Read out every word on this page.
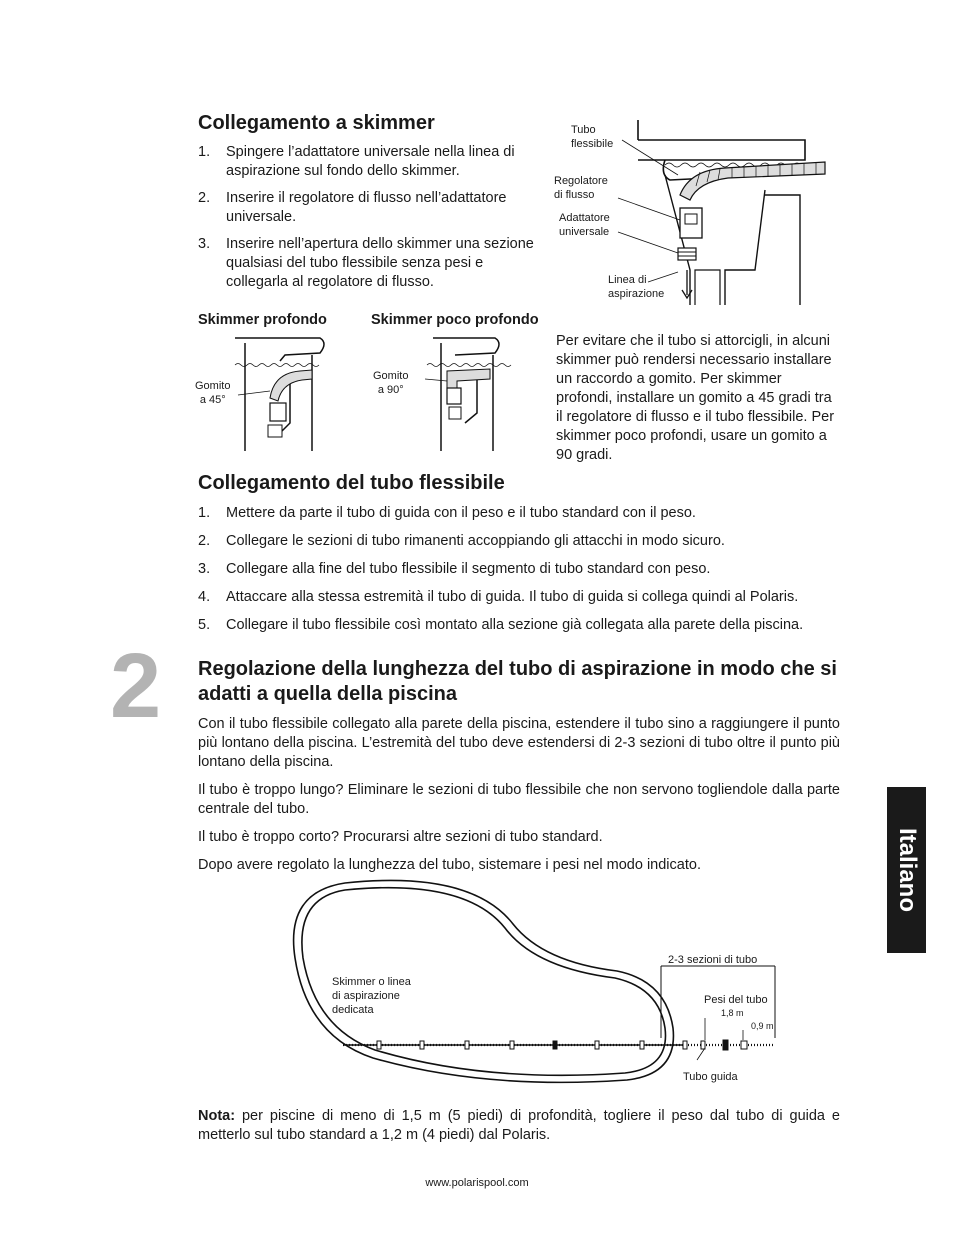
Collegamento a skimmer
1. Spingere l’adattatore universale nella linea di aspirazione sul fondo dello skimmer.
2. Inserire il regolatore di flusso nell’adattatore universale.
3. Inserire nell’apertura dello skimmer una sezione qualsiasi del tubo flessibile senza pesi e collegarla al regolatore di flusso.
Tubo
flessibile
Regolatore
di flusso
Adattatore
universale
Linea di
aspirazione
Skimmer profondo	Skimmer poco profondo
Gomito
a 45°
Gomito
a 90°

Per evitare che il tubo si attorcigli, in alcuni skimmer può rendersi necessario installare un raccordo a gomito. Per skimmer profondi, installare un gomito a 45 gradi tra il regolatore di flusso e il tubo flessibile. Per skimmer poco profondi, usare un gomito a 90 gradi.

Collegamento del tubo flessibile
1. Mettere da parte il tubo di guida con il peso e il tubo standard con il peso.
2. Collegare le sezioni di tubo rimanenti accoppiando gli attacchi in modo sicuro.
3. Collegare alla fine del tubo flessibile il segmento di tubo standard con peso.
4. Attaccare alla stessa estremità il tubo di guida. Il tubo di guida si collega quindi al Polaris.
5. Collegare il tubo flessibile così montato alla sezione già collegata alla parete della piscina.
2 Regolazione della lunghezza del tubo di aspirazione in modo che si adatti a quella della piscina

Con il tubo flessibile collegato alla parete della piscina, estendere il tubo sino a raggiungere il punto più lontano della piscina. L’estremità del tubo deve estendersi di 2-3 sezioni di tubo oltre il punto più lontano della piscina.

Il tubo è troppo lungo? Eliminare le sezioni di tubo flessibile che non servono togliendole dalla parte centrale del tubo.

Il tubo è troppo corto? Procurarsi altre sezioni di tubo standard.

Dopo avere regolato la lunghezza del tubo, sistemare i pesi nel modo indicato.	Italiano
Skimmer o linea
di aspirazione
dedicata
2-3 sezioni di tubo
Pesi del tubo
1,8 m
0,9 m
Tubo guida

Nota: per piscine di meno di 1,5 m (5 piedi) di profondità, togliere il peso dal tubo di guida e metterlo sul tubo standard a 1,2 m (4 piedi) dal Polaris.

www.polarispool.com
